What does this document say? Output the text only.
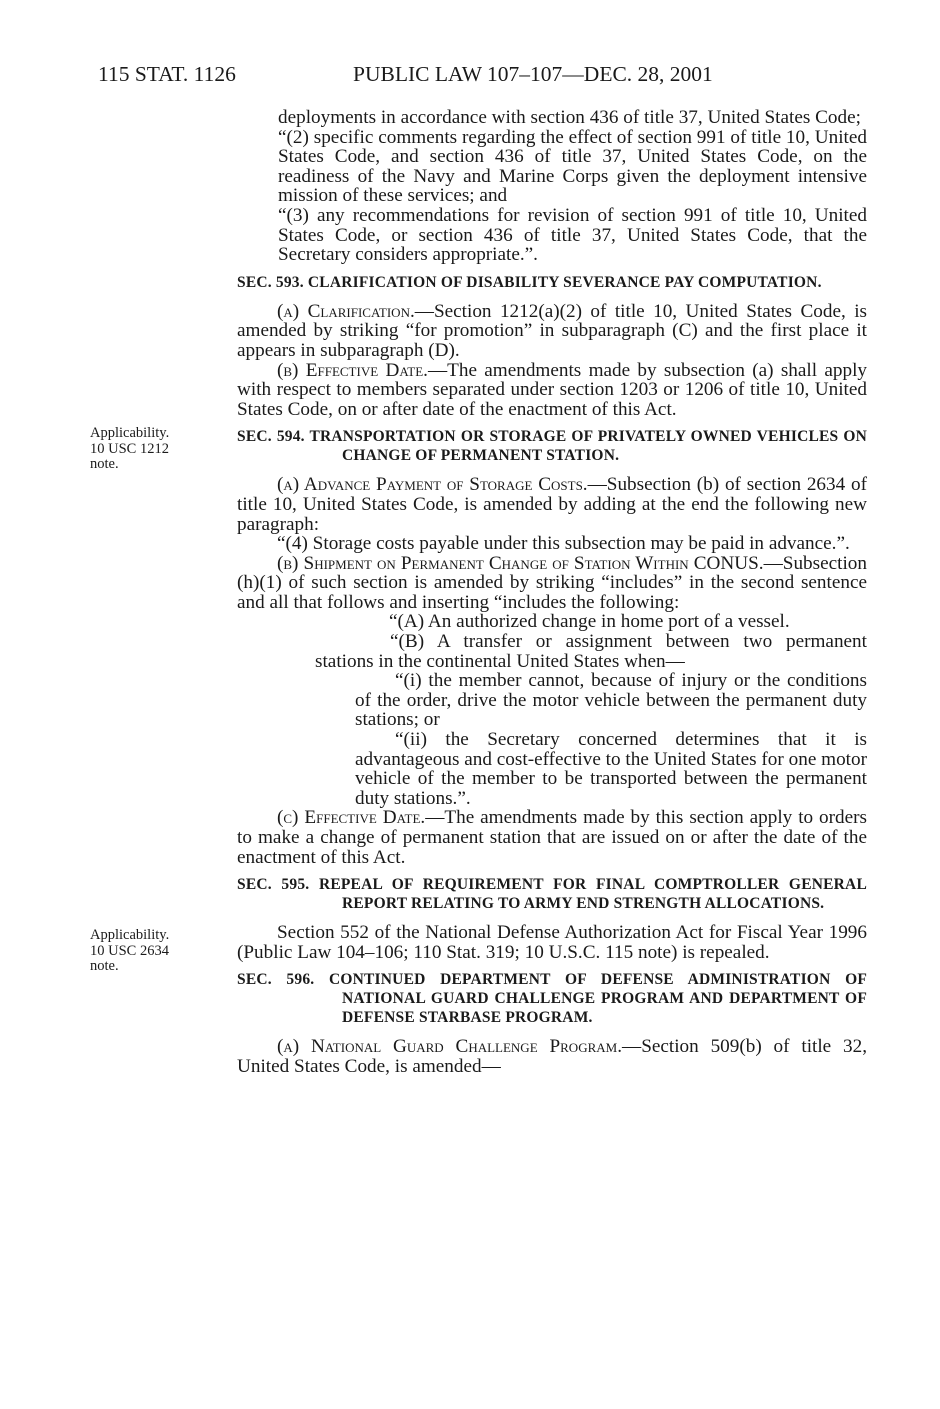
115 STAT. 1126	PUBLIC LAW 107–107—DEC. 28, 2001
Applicability.
10 USC 1212
note.
Applicability.
10 USC 2634
note.

deployments in accordance with section 436 of title 37, United States Code;

“(2) specific comments regarding the effect of section 991 of title 10, United States Code, and section 436 of title 37, United States Code, on the readiness of the Navy and Marine Corps given the deployment intensive mission of these services; and

“(3) any recommendations for revision of section 991 of title 10, United States Code, or section 436 of title 37, United States Code, that the Secretary considers appropriate.”.

SEC. 593. CLARIFICATION OF DISABILITY SEVERANCE PAY COMPUTATION.

(a) Clarification.—Section 1212(a)(2) of title 10, United States Code, is amended by striking “for promotion” in subparagraph (C) and the first place it appears in subparagraph (D).

(b) Effective Date.—The amendments made by subsection (a) shall apply with respect to members separated under section 1203 or 1206 of title 10, United States Code, on or after date of the enactment of this Act.

SEC. 594. TRANSPORTATION OR STORAGE OF PRIVATELY OWNED VEHICLES ON CHANGE OF PERMANENT STATION.

(a) Advance Payment of Storage Costs.—Subsection (b) of section 2634 of title 10, United States Code, is amended by adding at the end the following new paragraph:

“(4) Storage costs payable under this subsection may be paid in advance.”.

(b) Shipment on Permanent Change of Station Within CONUS.—Subsection (h)(1) of such section is amended by striking “includes” in the second sentence and all that follows and inserting “includes the following:

“(A) An authorized change in home port of a vessel.

“(B) A transfer or assignment between two permanent stations in the continental United States when—

“(i) the member cannot, because of injury or the conditions of the order, drive the motor vehicle between the permanent duty stations; or

“(ii) the Secretary concerned determines that it is advantageous and cost-effective to the United States for one motor vehicle of the member to be transported between the permanent duty stations.”.

(c) Effective Date.—The amendments made by this section apply to orders to make a change of permanent station that are issued on or after the date of the enactment of this Act.

SEC. 595. REPEAL OF REQUIREMENT FOR FINAL COMPTROLLER GENERAL REPORT RELATING TO ARMY END STRENGTH ALLOCATIONS.

Section 552 of the National Defense Authorization Act for Fiscal Year 1996 (Public Law 104–106; 110 Stat. 319; 10 U.S.C. 115 note) is repealed.

SEC. 596. CONTINUED DEPARTMENT OF DEFENSE ADMINISTRATION OF NATIONAL GUARD CHALLENGE PROGRAM AND DEPARTMENT OF DEFENSE STARBASE PROGRAM.

(a) National Guard Challenge Program.—Section 509(b) of title 32, United States Code, is amended—
